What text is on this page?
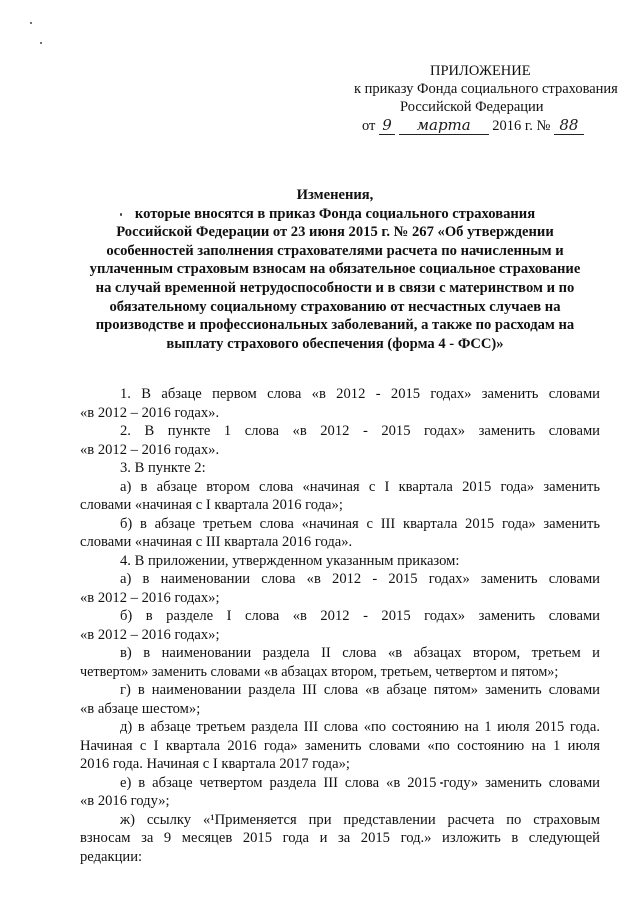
ПРИЛОЖЕНИЕ
к приказу Фонда социального страхования
Российской Федерации
от 9 марта 2016 г. № 88
Изменения,
которые вносятся в приказ Фонда социального страхования
Российской Федерации от 23 июня 2015 г. № 267 «Об утверждении
особенностей заполнения страхователями расчета по начисленным и
уплаченным страховым взносам на обязательное социальное страхование
на случай временной нетрудоспособности и в связи с материнством и по
обязательному социальному страхованию от несчастных случаев на
производстве и профессиональных заболеваний, а также по расходам на
выплату страхового обеспечения (форма 4 - ФСС)»
1. В абзаце первом слова «в 2012 - 2015 годах» заменить словами
«в 2012 – 2016 годах».
2. В пункте 1 слова «в 2012 - 2015 годах» заменить словами
«в 2012 – 2016 годах».
3. В пункте 2:
а) в абзаце втором слова «начиная с I квартала 2015 года» заменить
словами «начиная с I квартала 2016 года»;
б) в абзаце третьем слова «начиная с III квартала 2015 года» заменить
словами «начиная с III квартала 2016 года».
4. В приложении, утвержденном указанным приказом:
а) в наименовании слова «в 2012 - 2015 годах» заменить словами
«в 2012 – 2016 годах»;
б) в разделе I слова «в 2012 - 2015 годах» заменить словами
«в 2012 – 2016 годах»;
в) в наименовании раздела II слова «в абзацах втором, третьем и
четвертом» заменить словами «в абзацах втором, третьем, четвертом и пятом»;
г) в наименовании раздела III слова «в абзаце пятом» заменить словами
«в абзаце шестом»;
д) в абзаце третьем раздела III слова «по состоянию на 1 июля 2015 года.
Начиная с I квартала 2016 года» заменить словами «по состоянию на 1 июля
2016 года. Начиная с I квартала 2017 года»;
е) в абзаце четвертом раздела III слова «в 2015 году» заменить словами
«в 2016 году»;
ж) ссылку «¹Применяется при представлении расчета по страховым
взносам за 9 месяцев 2015 года и за 2015 год.» изложить в следующей
редакции:
